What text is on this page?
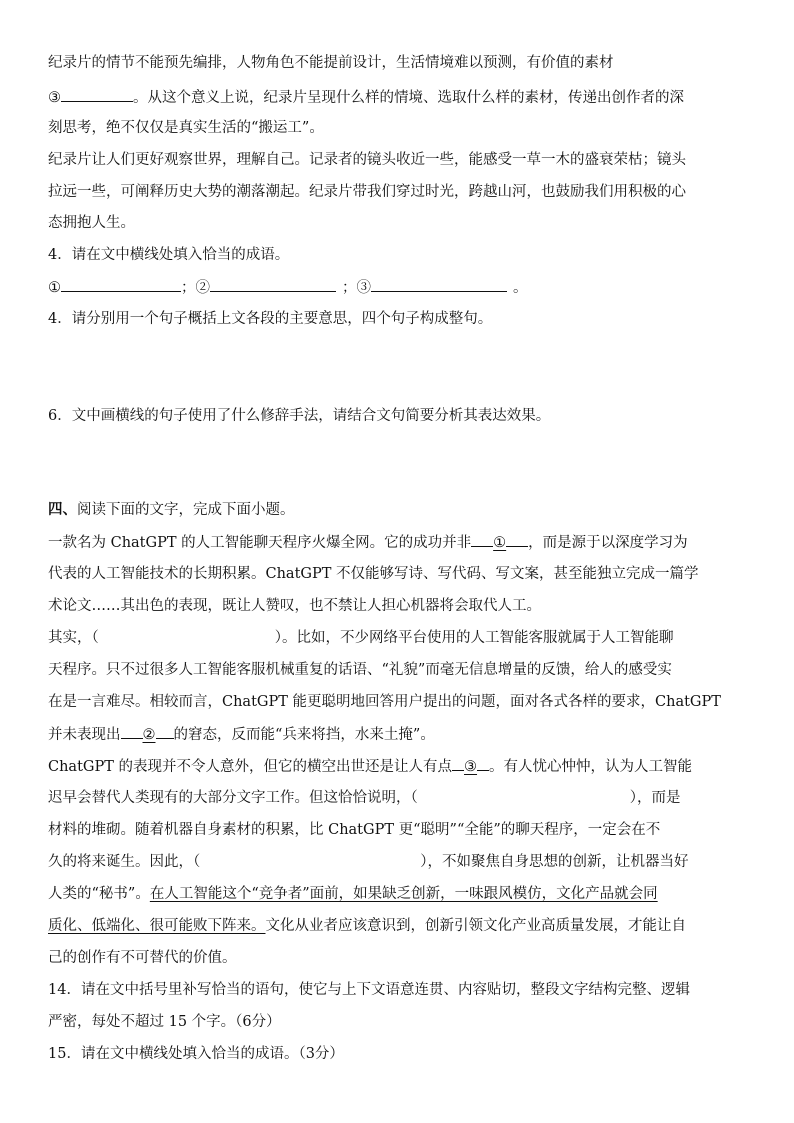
纪录片的情节不能预先编排，人物角色不能提前设计，生活情境难以预测，有价值的素材
③	。从这个意义上说，纪录片呈现什么样的情境、选取什么样的素材，传递出创作者的深
刻思考，绝不仅仅是真实生活的“搬运工”。
纪录片让人们更好观察世界，理解自己。记录者的镜头收近一些，能感受一草一木的盛衰荣枯；镜头
拉远一些，可阐释历史大势的潮落潮起。纪录片带我们穿过时光，跨越山河，也鼓励我们用积极的心
态拥抱人生。
4．请在文中横线处填入恰当的成语。
①	；②	；③	。
4．请分别用一个句子概括上文各段的主要意思，四个句子构成整句。
6．文中画横线的句子使用了什么修辞手法，请结合文句简要分析其表达效果。
四、阅读下面的文字，完成下面小题。
一款名为 ChatGPT 的人工智能聊天程序火爆全网。它的成功并非 ① ，而是源于以深度学习为
代表的人工智能技术的长期积累。ChatGPT 不仅能够写诗、写代码、写文案，甚至能独立完成一篇学
术论文……其出色的表现，既让人赞叹，也不禁让人担心机器将会取代人工。
其实，（	）。比如，不少网络平台使用的人工智能客服就属于人工智能聊
天程序。只不过很多人工智能客服机械重复的话语、“礼貌”而毫无信息增量的反馈，给人的感受实
在是一言难尽。相较而言，ChatGPT 能更聪明地回答用户提出的问题，面对各式各样的要求，ChatGPT
并未表现出 ② 的窘态，反而能“兵来将挡，水来土掩”。
ChatGPT 的表现并不令人意外，但它的横空出世还是让人有点 ③ 。有人忧心忡忡，认为人工智能
迟早会替代人类现有的大部分文字工作。但这恰恰说明，（	），而是
材料的堆砌。随着机器自身素材的积累，比 ChatGPT 更“聪明”“全能”的聊天程序，一定会在不
久的将来诞生。因此，（	），不如聚焦自身思想的创新，让机器当好
人类的“秘书”。在人工智能这个“竞争者”面前，如果缺乏创新，一味跟风模仿，文化产品就会同
质化、低端化、很可能败下阵来。文化从业者应该意识到，创新引领文化产业高质量发展，才能让自
己的创作有不可替代的价值。
14．请在文中括号里补写恰当的语句，使它与上下文语意连贯、内容贴切，整段文字结构完整、逻辑
严密，每处不超过 15 个字。（6分）
15．请在文中横线处填入恰当的成语。（3分）
